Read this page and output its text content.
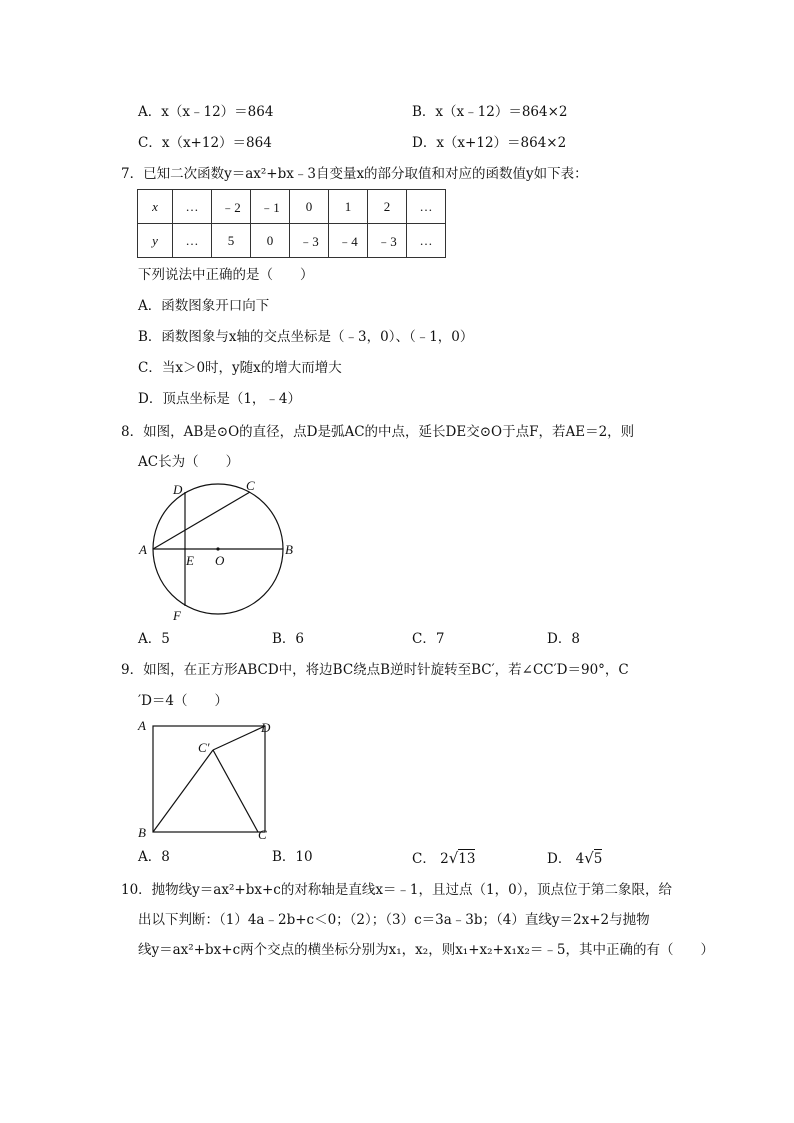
A．x（x﹣12）＝864	B．x（x﹣12）＝864×2
C．x（x+12）＝864	D．x（x+12）＝864×2
7．已知二次函数y＝ax²+bx﹣3自变量x的部分取值和对应的函数值y如下表：
x	…	﹣2	﹣1	0	1	2	…
y	…	5	0	﹣3	﹣4	﹣3	…
下列说法中正确的是（　　）
A．函数图象开口向下
B．函数图象与x轴的交点坐标是（﹣3，0）、（﹣1，0）
C．当x＞0时，y随x的增大而增大
D．顶点坐标是（1，﹣4）
8．如图，AB是⊙O的直径，点D是弧AC的中点，延长DE交⊙O于点F，若AE＝2，则
AC长为（　　）
A	B
C
D
E O
F
A．5	B．6	C．7	D．8
9．如图，在正方形ABCD中，将边BC绕点B逆时针旋转至BC′，若∠CC′D＝90°，C
′D＝4（　　）
A	D
C′
B	C
A．8	B．10	C． 2√13	D． 4√5
10．抛物线y＝ax²+bx+c的对称轴是直线x＝﹣1，且过点（1，0），顶点位于第二象限，给
出以下判断：（1）4a﹣2b+c＜0；（2）；（3）c＝3a﹣3b；（4）直线y＝2x+2与抛物
线y＝ax²+bx+c两个交点的横坐标分别为x₁，x₂，则x₁+x₂+x₁x₂＝﹣5，其中正确的有（　　）
